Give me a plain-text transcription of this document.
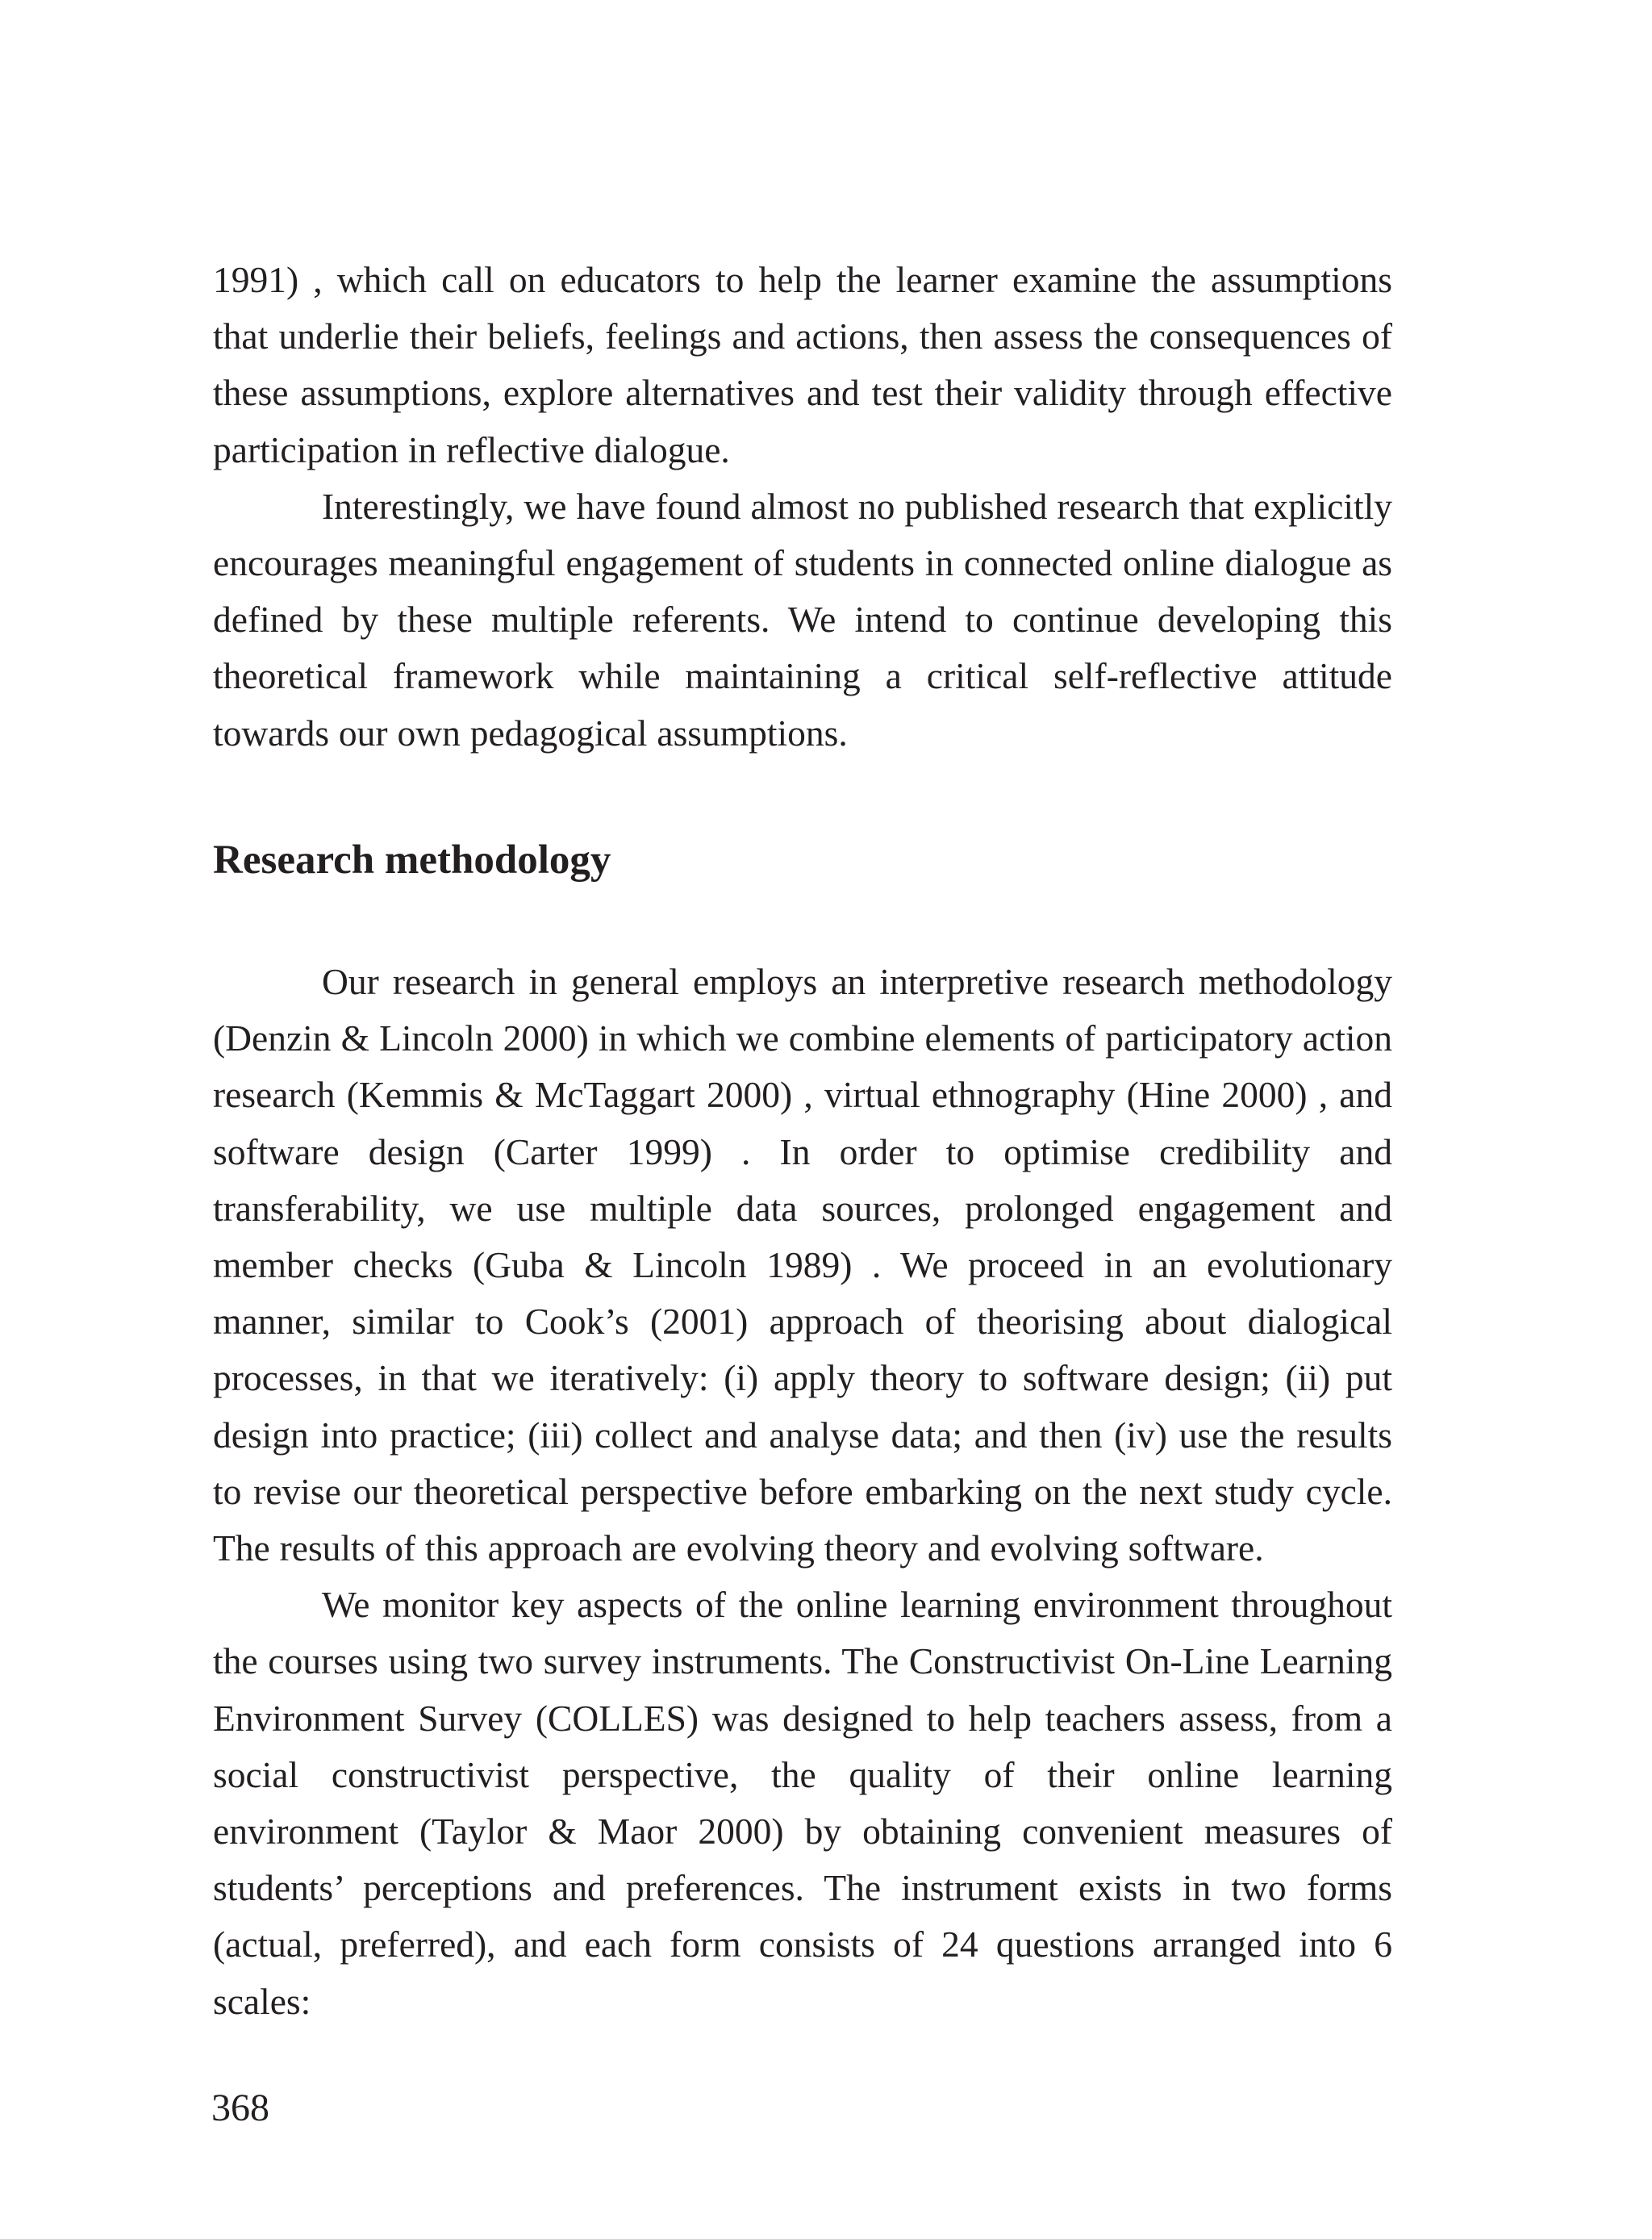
1991) , which call on educators to help the learner examine the assumptions that underlie their beliefs, feelings and actions, then assess the consequences of these assumptions, explore alternatives and test their validity through effective participation in reflective dialogue.

Interestingly, we have found almost no published research that explicitly encourages meaningful engagement of students in connected online dialogue as defined by these multiple referents. We intend to continue developing this theoretical framework while maintaining a critical self-reflective attitude towards our own pedagogical assumptions.

Research methodology

Our research in general employs an interpretive research methodology (Denzin & Lincoln 2000) in which we combine elements of participatory action research (Kemmis & McTaggart 2000) , virtual ethnography (Hine 2000) , and software design (Carter 1999) . In order to optimise credibility and transferability, we use multiple data sources, prolonged engagement and member checks (Guba & Lincoln 1989) . We proceed in an evolutionary manner, similar to Cook’s (2001) approach of theorising about dialogical processes, in that we iteratively: (i) apply theory to software design; (ii) put design into practice; (iii) collect and analyse data; and then (iv) use the results to revise our theoretical perspective before embarking on the next study cycle. The results of this approach are evolving theory and evolving software.

We monitor key aspects of the online learning environment throughout the courses using two survey instruments. The Constructivist On-Line Learning Environment Survey (COLLES) was designed to help teachers assess, from a social constructivist perspective, the quality of their online learning environment (Taylor & Maor 2000) by obtaining convenient measures of students’ perceptions and preferences. The instrument exists in two forms (actual, preferred), and each form consists of 24 questions arranged into 6 scales:

368
